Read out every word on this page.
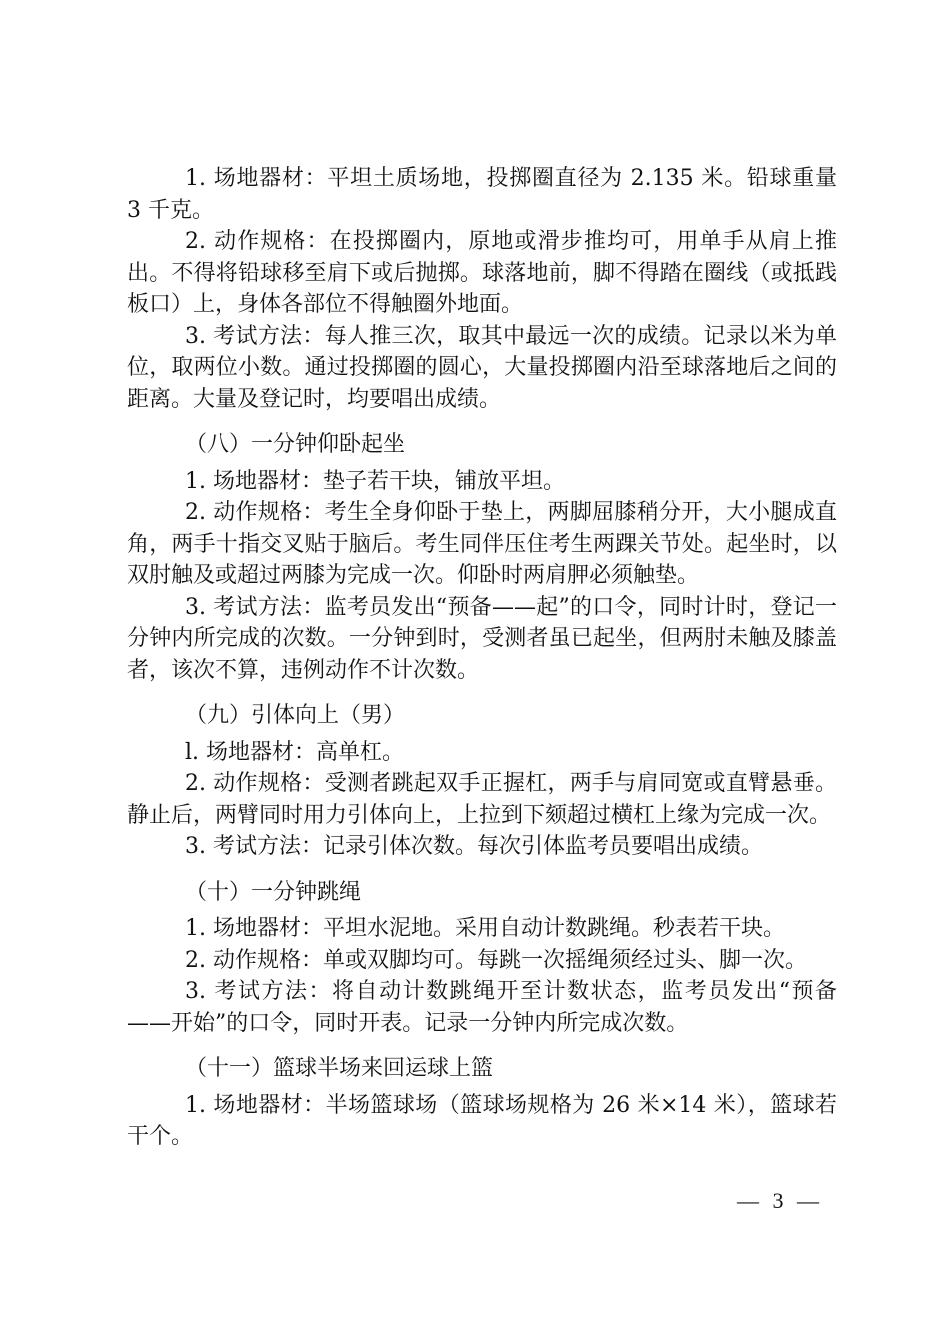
1. 场地器材：平坦土质场地，投掷圈直径为 2.135 米。铅球重量 3 千克。

2. 动作规格：在投掷圈内，原地或滑步推均可，用单手从肩上推出。不得将铅球移至肩下或后抛掷。球落地前，脚不得踏在圈线（或抵践板口）上，身体各部位不得触圈外地面。

3. 考试方法：每人推三次，取其中最远一次的成绩。记录以米为单位，取两位小数。通过投掷圈的圆心，大量投掷圈内沿至球落地后之间的距离。大量及登记时，均要唱出成绩。

（八）一分钟仰卧起坐

1. 场地器材：垫子若干块，铺放平坦。

2. 动作规格：考生全身仰卧于垫上，两脚屈膝稍分开，大小腿成直角，两手十指交叉贴于脑后。考生同伴压住考生两踝关节处。起坐时，以双肘触及或超过两膝为完成一次。仰卧时两肩胛必须触垫。

3. 考试方法：监考员发出“预备——起”的口令，同时计时，登记一分钟内所完成的次数。一分钟到时，受测者虽已起坐，但两肘未触及膝盖者，该次不算，违例动作不计次数。

（九）引体向上（男）

l. 场地器材：高单杠。

2. 动作规格：受测者跳起双手正握杠，两手与肩同宽或直臂悬垂。静止后，两臂同时用力引体向上，上拉到下颏超过横杠上缘为完成一次。

3. 考试方法：记录引体次数。每次引体监考员要唱出成绩。

（十）一分钟跳绳

1. 场地器材：平坦水泥地。采用自动计数跳绳。秒表若干块。

2. 动作规格：单或双脚均可。每跳一次摇绳须经过头、脚一次。

3. 考试方法：将自动计数跳绳开至计数状态，监考员发出“预备——开始”的口令，同时开表。记录一分钟内所完成次数。

（十一）篮球半场来回运球上篮

1. 场地器材：半场篮球场（篮球场规格为 26 米×14 米），篮球若干个。

— 3 —
